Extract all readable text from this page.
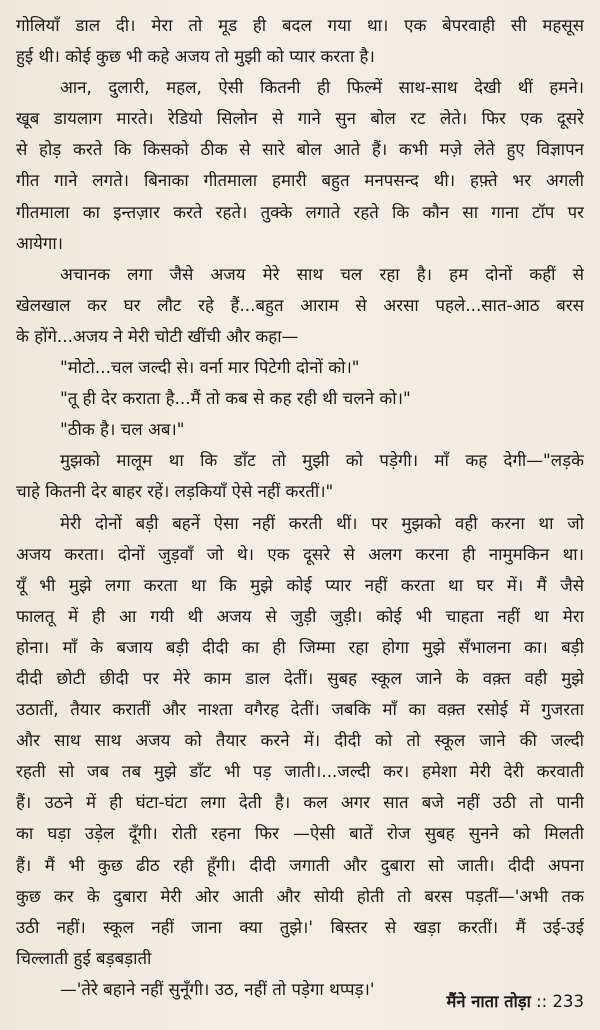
गोलियाँ डाल दी। मेरा तो मूड ही बदल गया था। एक बेपरवाही सी महसूस
हुई थी। कोई कुछ भी कहे अजय तो मुझी को प्यार करता है।
आन, दुलारी, महल, ऐसी कितनी ही फिल्में साथ-साथ देखी थीं हमने।
खूब डायलाग मारते। रेडियो सिलोन से गाने सुन बोल रट लेते। फिर एक दूसरे
से होड़ करते कि किसको ठीक से सारे बोल आते हैं। कभी मज़े लेते हुए विज्ञापन
गीत गाने लगते। बिनाका गीतमाला हमारी बहुत मनपसन्द थी। हफ़्ते भर अगली
गीतमाला का इन्तज़ार करते रहते। तुक्के लगाते रहते कि कौन सा गाना टॉप पर
आयेगा।
अचानक लगा जैसे अजय मेरे साथ चल रहा है। हम दोनों कहीं से
खेलखाल कर घर लौट रहे हैं...बहुत आराम से अरसा पहले...सात-आठ बरस
के होंगे...अजय ने मेरी चोटी खींची और कहा—
"मोटो...चल जल्दी से। वर्ना मार पिटेगी दोनों को।"
"तू ही देर कराता है...मैं तो कब से कह रही थी चलने को।"
"ठीक है। चल अब।"
मुझको मालूम था कि डाँट तो मुझी को पड़ेगी। माँ कह देगी—"लड़के
चाहे कितनी देर बाहर रहें। लड़कियाँ ऐसे नहीं करतीं।"
मेरी दोनों बड़ी बहनें ऐसा नहीं करती थीं। पर मुझको वही करना था जो
अजय करता। दोनों जुड़वाँ जो थे। एक दूसरे से अलग करना ही नामुमकिन था।
यूँ भी मुझे लगा करता था कि मुझे कोई प्यार नहीं करता था घर में। मैं जैसे
फालतू में ही आ गयी थी अजय से जुड़ी जुड़ी। कोई भी चाहता नहीं था मेरा
होना। माँ के बजाय बड़ी दीदी का ही जिम्मा रहा होगा मुझे सँभालना का। बड़ी
दीदी छोटी छीदी पर मेरे काम डाल देतीं। सुबह स्कूल जाने के वक़्त वही मुझे
उठातीं, तैयार करातीं और नाश्ता वगैरह देतीं। जबकि माँ का वक़्त रसोई में गुजरता
और साथ साथ अजय को तैयार करने में। दीदी को तो स्कूल जाने की जल्दी
रहती सो जब तब मुझे डाँट भी पड़ जाती।...जल्दी कर। हमेशा मेरी देरी करवाती
हैं। उठने में ही घंटा-घंटा लगा देती है। कल अगर सात बजे नहीं उठी तो पानी
का घड़ा उड़ेल दूँगी। रोती रहना फिर —ऐसी बातें रोज सुबह सुनने को मिलती
हैं। मैं भी कुछ ढीठ रही हूँगी। दीदी जगाती और दुबारा सो जाती। दीदी अपना
कुछ कर के दुबारा मेरी ओर आती और सोयी होती तो बरस पड़तीं—'अभी तक
उठी नहीं। स्कूल नहीं जाना क्या तुझे।' बिस्तर से खड़ा करतीं। मैं उई-उई
चिल्लाती हुई बड़बड़ाती
—'तेरे बहाने नहीं सुनूँगी। उठ, नहीं तो पड़ेगा थप्पड़।'
मैंने नाता तोड़ा :: 233
